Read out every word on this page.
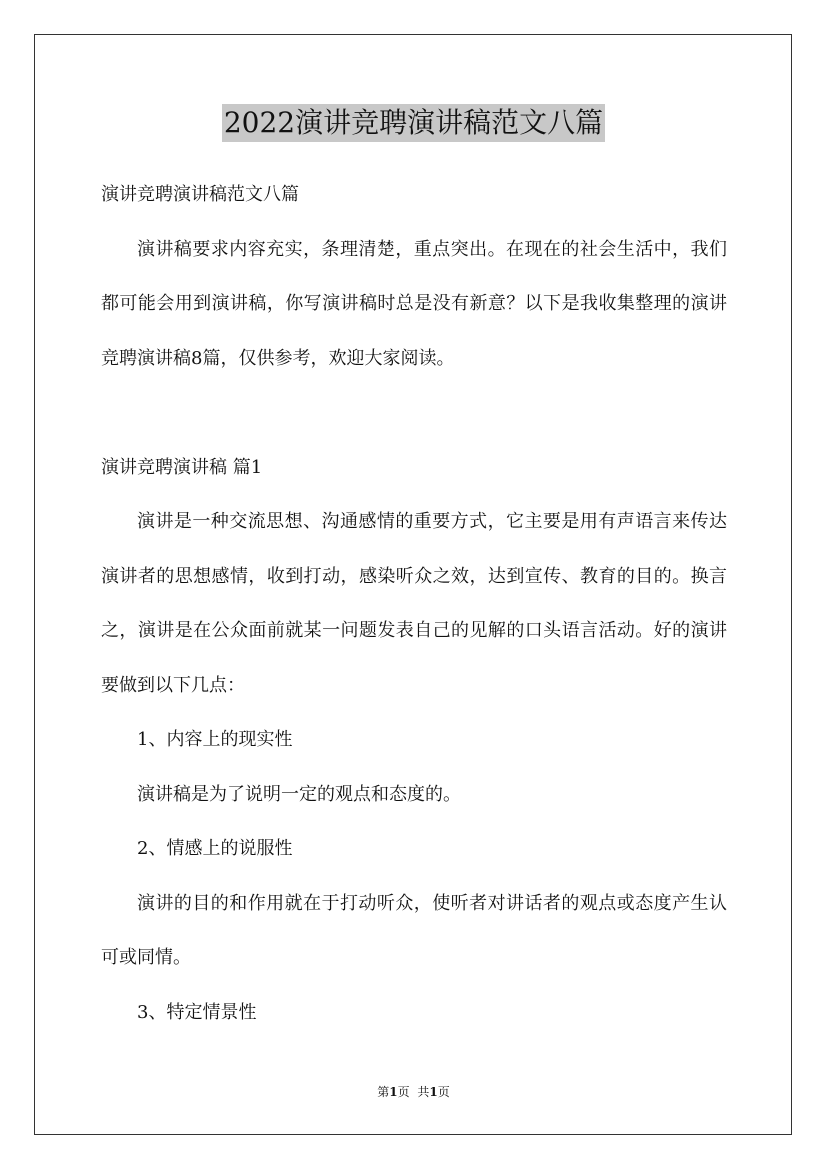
2022演讲竞聘演讲稿范文八篇

演讲竞聘演讲稿范文八篇

演讲稿要求内容充实，条理清楚，重点突出。在现在的社会生活中，我们都可能会用到演讲稿，你写演讲稿时总是没有新意？以下是我收集整理的演讲竞聘演讲稿8篇，仅供参考，欢迎大家阅读。

演讲竞聘演讲稿 篇1

演讲是一种交流思想、沟通感情的重要方式，它主要是用有声语言来传达演讲者的思想感情，收到打动，感染听众之效，达到宣传、教育的目的。换言之，演讲是在公众面前就某一问题发表自己的见解的口头语言活动。好的演讲要做到以下几点：

1、内容上的现实性

演讲稿是为了说明一定的观点和态度的。

2、情感上的说服性

演讲的目的和作用就在于打动听众，使听者对讲话者的观点或态度产生认可或同情。

3、特定情景性

第1页 共1页
